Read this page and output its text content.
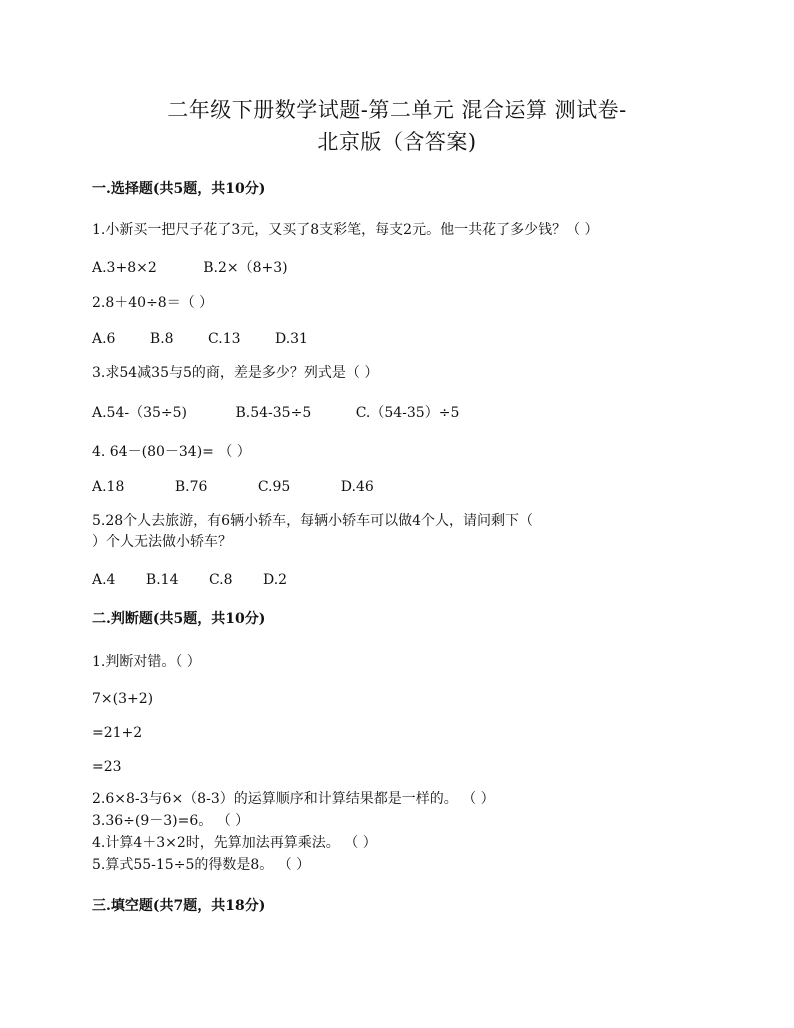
二年级下册数学试题-第二单元 混合运算 测试卷-
北京版（含答案)
一.选择题(共5题，共10分)
1.小新买一把尺子花了3元，又买了8支彩笔，每支2元。他一共花了多少钱？（ ）
A.3+8×2	B.2×（8+3)
2.8＋40÷8＝（ ）
A.6 B.8 C.13 D.31
3.求54减35与5的商，差是多少？列式是（ ）
A.54-（35÷5)	B.54-35÷5	C.（54-35）÷5
4. 64－(80－34)= （ ）
A.18	B.76	C.95	D.46
5.28个人去旅游，有6辆小轿车，每辆小轿车可以做4个人，请问剩下（
）个人无法做小轿车？
A.4 B.14 C.8 D.2
二.判断题(共5题，共10分)
1.判断对错。（ ）
7×(3+2)
=21+2
=23
2.6×8-3与6×（8-3）的运算顺序和计算结果都是一样的。 （ ）
3.36÷(9－3)=6。 （ ）
4.计算4＋3×2时，先算加法再算乘法。 （ ）
5.算式55-15÷5的得数是8。 （ ）
三.填空题(共7题，共18分)
